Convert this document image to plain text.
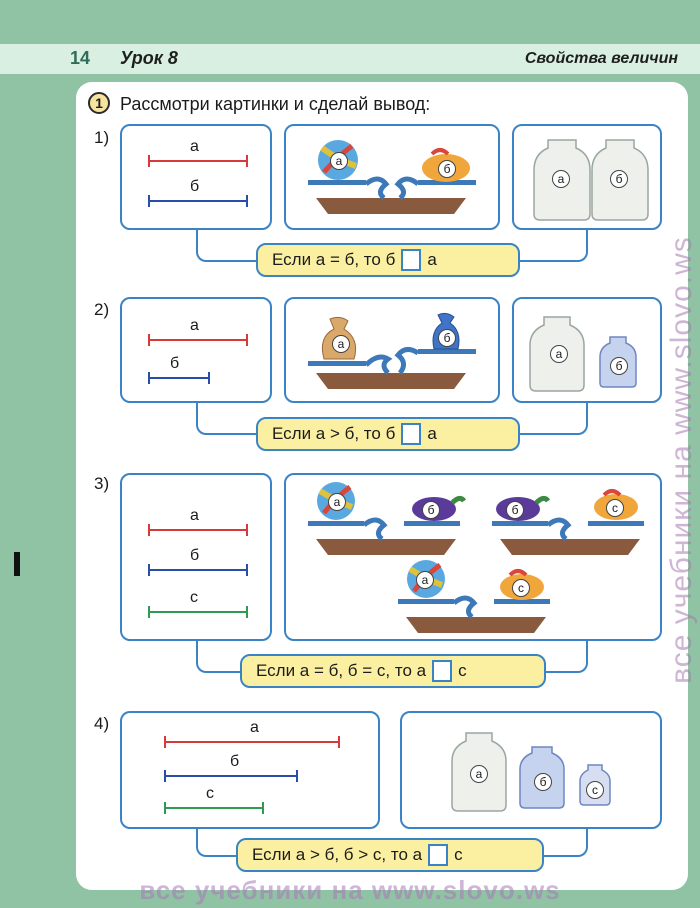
14 Урок 8	Свойства величин
1 Рассмотри картинки и сделай вывод:
1)	а
б
а
б
а	б
Если а = б, то б а
2)
а
б
а	б
а
б
Если а > б, то б а
3)
а
б
с
а
б	б	с
а
с
Если а = б, б = с, то а с
4)	а
б
с
а
б
с
Если а > б, б > с, то а с
все учебники на www.slovo.ws
все учебники на www.slovo.ws
